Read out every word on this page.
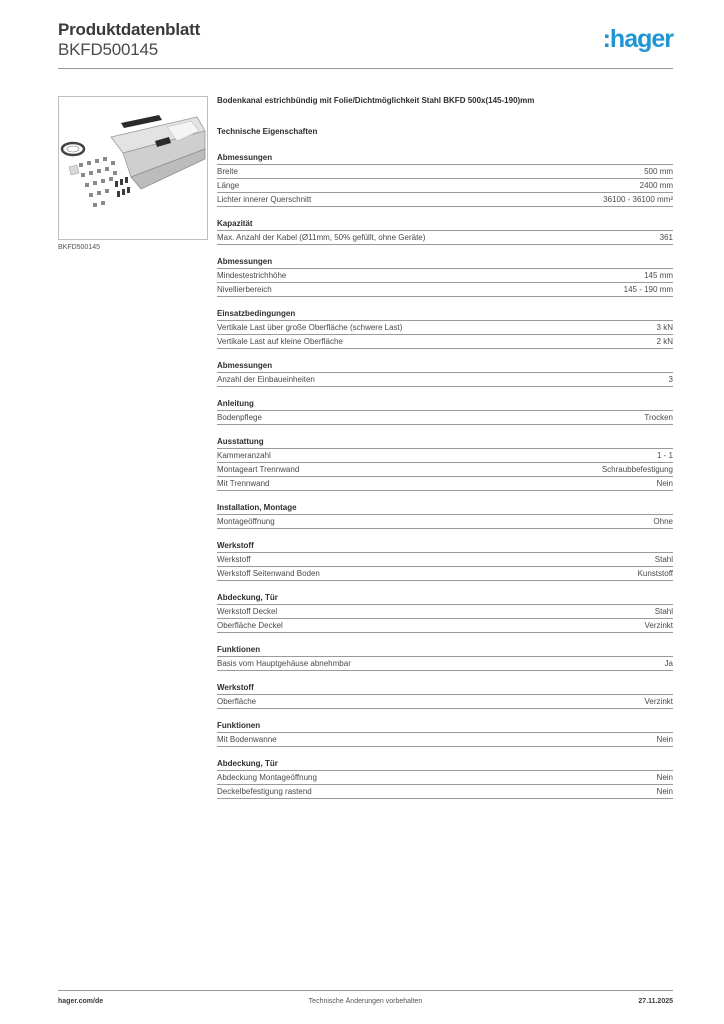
Produktdatenblatt
BKFD500145	:hager
BKFD500145
Bodenkanal estrichbündig mit Folie/Dichtmöglichkeit Stahl BKFD 500x(145-190)mm
Technische Eigenschaften
Abmessungen
Breite	500 mm
Länge	2400 mm
Lichter innerer Querschnitt	36100 - 36100 mm²
Kapazität
Max. Anzahl der Kabel (Ø11mm, 50% gefüllt, ohne Geräte)	361
Abmessungen
Mindestestrichhöhe	145 mm
Nivellierbereich	145 - 190 mm
Einsatzbedingungen
Vertikale Last über große Oberfläche (schwere Last)	3 kN
Vertikale Last auf kleine Oberfläche	2 kN
Abmessungen
Anzahl der Einbaueinheiten	3
Anleitung
Bodenpflege	Trocken
Ausstattung
Kammeranzahl	1 - 1
Montageart Trennwand	Schraubbefestigung
Mit Trennwand	Nein
Installation, Montage
Montageöffnung	Ohne
Werkstoff
Werkstoff	Stahl
Werkstoff Seitenwand Boden	Kunststoff
Abdeckung, Tür
Werkstoff Deckel	Stahl
Oberfläche Deckel	Verzinkt
Funktionen
Basis vom Hauptgehäuse abnehmbar	Ja
Werkstoff
Oberfläche	Verzinkt
Funktionen
Mit Bodenwanne	Nein
Abdeckung, Tür
Abdeckung Montageöffnung	Nein
Deckelbefestigung rastend	Nein
hager.com/de	Technische Änderungen vorbehalten	27.11.2025
